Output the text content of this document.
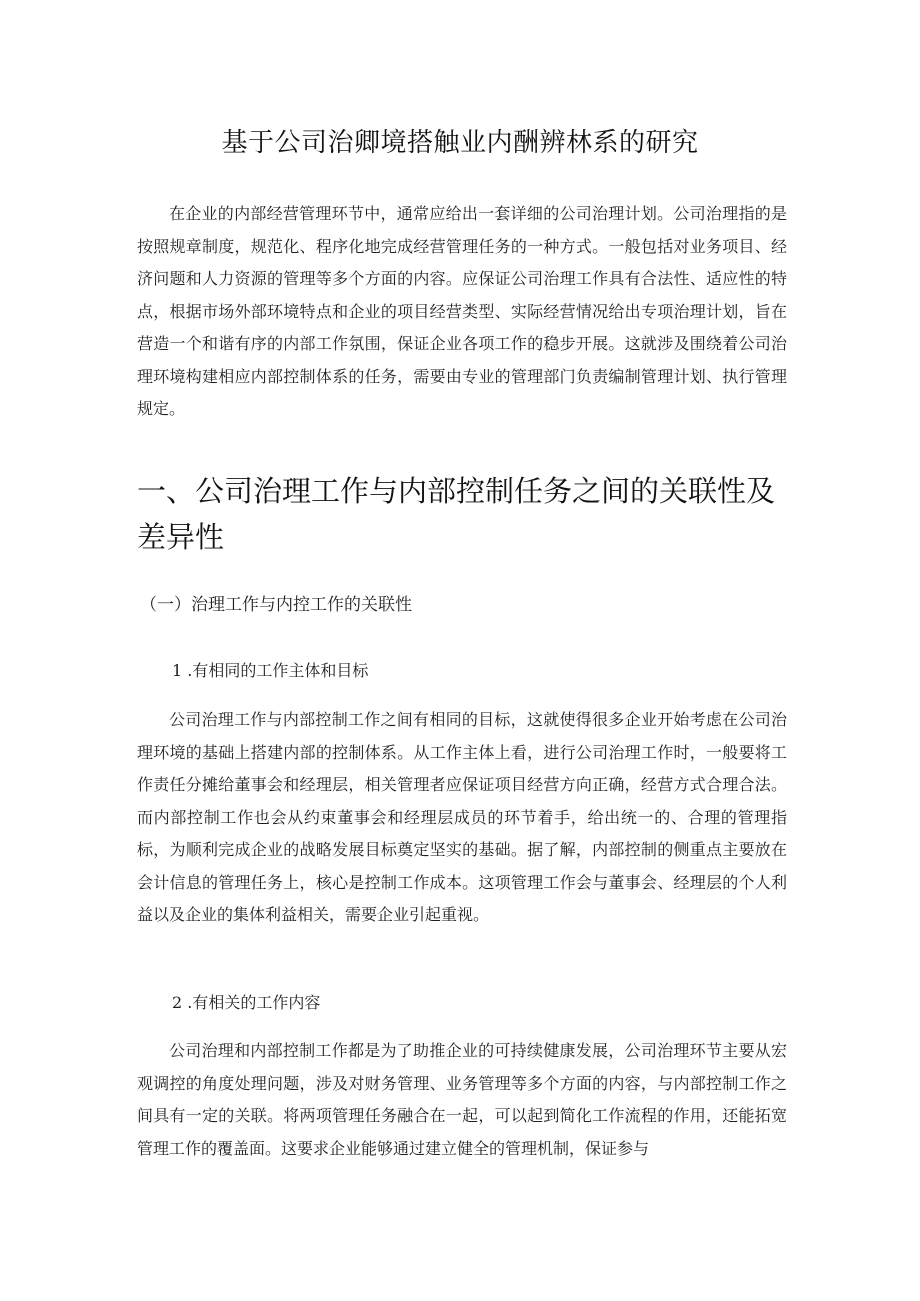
基于公司治卿境搭触业内酬辨林系的研究

在企业的内部经营管理环节中，通常应给出一套详细的公司治理计划。公司治理指的是按照规章制度，规范化、程序化地完成经营管理任务的一种方式。一般包括对业务项目、经济问题和人力资源的管理等多个方面的内容。应保证公司治理工作具有合法性、适应性的特点，根据市场外部环境特点和企业的项目经营类型、实际经营情况给出专项治理计划，旨在营造一个和谐有序的内部工作氛围，保证企业各项工作的稳步开展。这就涉及围绕着公司治理环境构建相应内部控制体系的任务，需要由专业的管理部门负责编制管理计划、执行管理规定。

一、公司治理工作与内部控制任务之间的关联性及差异性
（一）治理工作与内控工作的关联性
1 .有相同的工作主体和目标

公司治理工作与内部控制工作之间有相同的目标，这就使得很多企业开始考虑在公司治理环境的基础上搭建内部的控制体系。从工作主体上看，进行公司治理工作时，一般要将工作责任分摊给董事会和经理层，相关管理者应保证项目经营方向正确，经营方式合理合法。而内部控制工作也会从约束董事会和经理层成员的环节着手，给出统一的、合理的管理指标，为顺利完成企业的战略发展目标奠定坚实的基础。据了解，内部控制的侧重点主要放在会计信息的管理任务上，核心是控制工作成本。这项管理工作会与董事会、经理层的个人利益以及企业的集体利益相关，需要企业引起重视。

2 .有相关的工作内容

公司治理和内部控制工作都是为了助推企业的可持续健康发展，公司治理环节主要从宏观调控的角度处理问题，涉及对财务管理、业务管理等多个方面的内容，与内部控制工作之间具有一定的关联。将两项管理任务融合在一起，可以起到简化工作流程的作用，还能拓宽管理工作的覆盖面。这要求企业能够通过建立健全的管理机制，保证参与
